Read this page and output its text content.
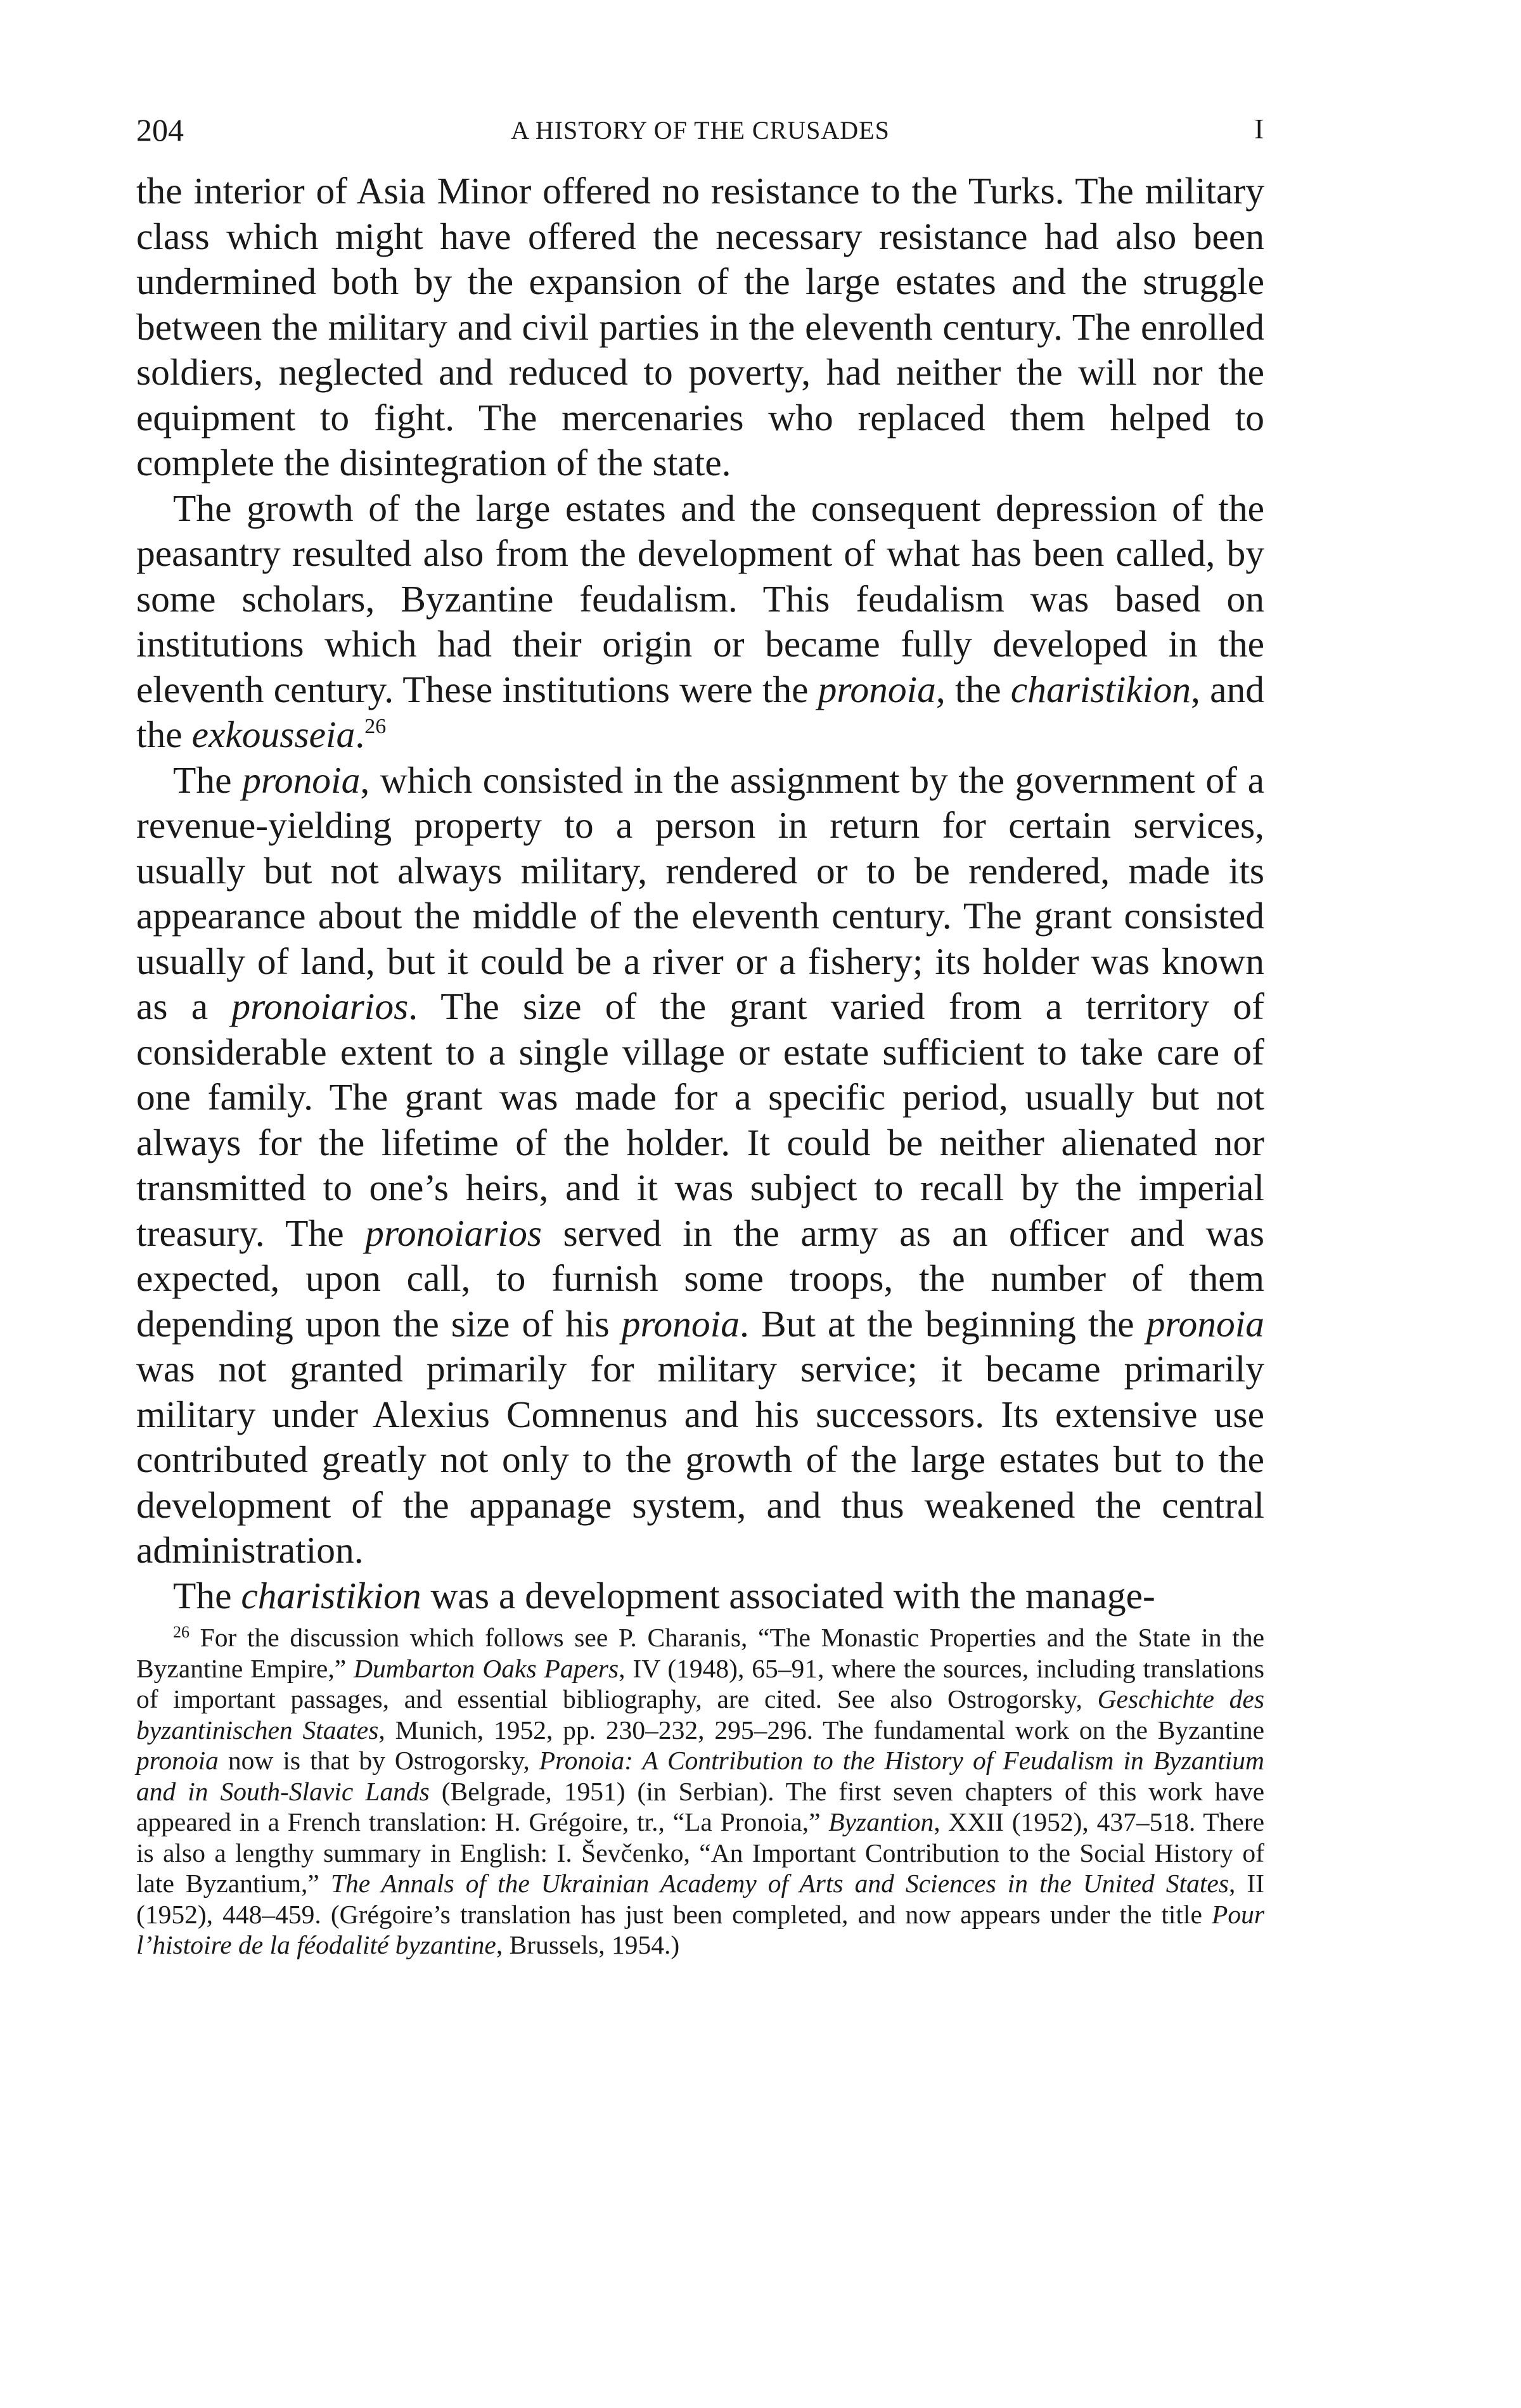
204	A HISTORY OF THE CRUSADES	I

the interior of Asia Minor offered no resistance to the Turks. The military class which might have offered the necessary resistance had also been undermined both by the expansion of the large estates and the struggle between the military and civil parties in the eleventh century. The enrolled soldiers, neglected and reduced to poverty, had neither the will nor the equipment to fight. The mercenaries who replaced them helped to complete the disintegration of the state.

The growth of the large estates and the consequent depression of the peasantry resulted also from the development of what has been called, by some scholars, Byzantine feudalism. This feudalism was based on institutions which had their origin or became fully developed in the eleventh century. These institutions were the pronoia, the charistikion, and the exkousseia.$^{26}$

The pronoia, which consisted in the assignment by the government of a revenue-yielding property to a person in return for certain services, usually but not always military, rendered or to be rendered, made its appearance about the middle of the eleventh century. The grant consisted usually of land, but it could be a river or a fishery; its holder was known as a pronoiarios. The size of the grant varied from a territory of considerable extent to a single village or estate sufficient to take care of one family. The grant was made for a specific period, usually but not always for the lifetime of the holder. It could be neither alienated nor transmitted to one’s heirs, and it was subject to recall by the imperial treasury. The pronoiarios served in the army as an officer and was expected, upon call, to furnish some troops, the number of them depending upon the size of his pronoia. But at the beginning the pronoia was not granted primarily for military service; it became primarily military under Alexius Comnenus and his successors. Its extensive use contributed greatly not only to the growth of the large estates but to the development of the appanage system, and thus weakened the central administration.

The charistikion was a development associated with the manage-

$^{26}$ For the discussion which follows see P. Charanis, “The Monastic Properties and the State in the Byzantine Empire,” Dumbarton Oaks Papers, IV (1948), 65–91, where the sources, including translations of important passages, and essential bibliography, are cited. See also Ostrogorsky, Geschichte des byzantinischen Staates, Munich, 1952, pp. 230–232, 295–296. The fundamental work on the Byzantine pronoia now is that by Ostrogorsky, Pronoia: A Contribution to the History of Feudalism in Byzantium and in South-Slavic Lands (Belgrade, 1951) (in Serbian). The first seven chapters of this work have appeared in a French translation: H. Grégoire, tr., “La Pronoia,” Byzantion, XXII (1952), 437–518. There is also a lengthy summary in English: I. Ševčenko, “An Important Contribution to the Social History of late Byzantium,” The Annals of the Ukrainian Academy of Arts and Sciences in the United States, II (1952), 448–459. (Grégoire’s translation has just been completed, and now appears under the title Pour l’histoire de la féodalité byzantine, Brussels, 1954.)
